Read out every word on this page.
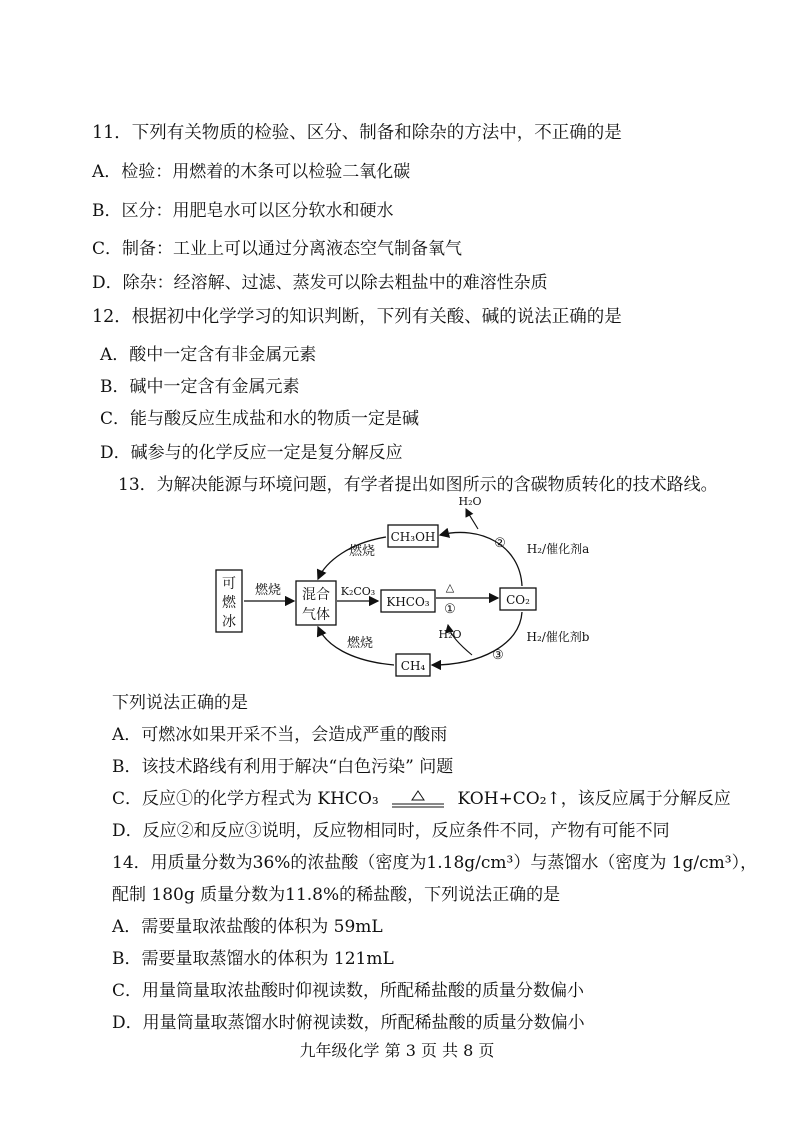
11．下列有关物质的检验、区分、制备和除杂的方法中，不正确的是
A．检验：用燃着的木条可以检验二氧化碳
B．区分：用肥皂水可以区分软水和硬水
C．制备：工业上可以通过分离液态空气制备氧气
D．除杂：经溶解、过滤、蒸发可以除去粗盐中的难溶性杂质
12．根据初中化学学习的知识判断，下列有关酸、碱的说法正确的是
A．酸中一定含有非金属元素
B．碱中一定含有金属元素
C．能与酸反应生成盐和水的物质一定是碱
D．碱参与的化学反应一定是复分解反应
13．为解决能源与环境问题，有学者提出如图所示的含碳物质转化的技术路线。
可
燃
冰
燃烧 混合
气体
K₂CO₃
KHCO₃
△
①
CO₂
CH₃OH
CH₄
H₂O
② H₂/催化剂a
燃烧
H₂O
③
H₂/催化剂b
燃烧
下列说法正确的是
A．可燃冰如果开采不当，会造成严重的酸雨
B．该技术路线有利用于解决“白色污染” 问题
C．反应①的化学方程式为 KHCO₃	KOH+CO₂↑，该反应属于分解反应
D．反应②和反应③说明，反应物相同时，反应条件不同，产物有可能不同
14．用质量分数为36%的浓盐酸（密度为1.18g/cm³）与蒸馏水（密度为 1g/cm³），
配制 180g 质量分数为11.8%的稀盐酸，下列说法正确的是
A．需要量取浓盐酸的体积为 59mL
B．需要量取蒸馏水的体积为 121mL
C．用量筒量取浓盐酸时仰视读数，所配稀盐酸的质量分数偏小
D．用量筒量取蒸馏水时俯视读数，所配稀盐酸的质量分数偏小
九年级化学 第 3 页 共 8 页
